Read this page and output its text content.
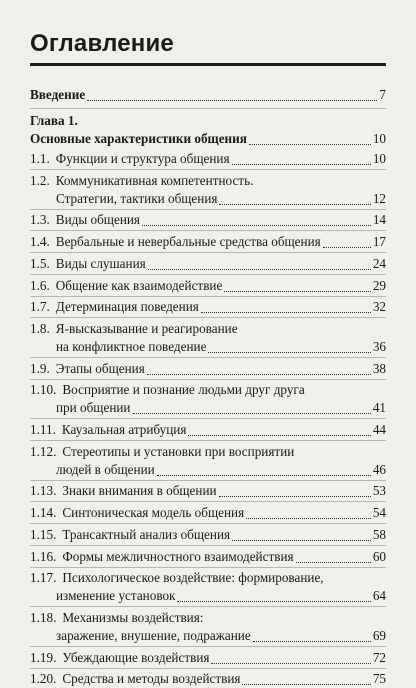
Оглавление
Введение	7
Глава 1.
Основные характеристики общения	10
1.1. Функции и структура общения	10
1.2. Коммуникативная компетентность.
Стратегии, тактики общения	12
1.3. Виды общения	14
1.4. Вербальные и невербальные средства общения	17
1.5. Виды слушания	24
1.6. Общение как взаимодействие	29
1.7. Детерминация поведения	32
1.8. Я-высказывание и реагирование
на конфликтное поведение	36
1.9. Этапы общения	38
1.10. Восприятие и познание людьми друг друга
при общении	41
1.11. Каузальная атрибуция	44
1.12. Стереотипы и установки при восприятии
людей в общении	46
1.13. Знаки внимания в общении	53
1.14. Синтоническая модель общения	54
1.15. Трансактный анализ общения	58
1.16. Формы межличностного взаимодействия	60
1.17. Психологическое воздействие: формирование,
изменение установок	64
1.18. Механизмы воздействия:
заражение, внушение, подражание	69
1.19. Убеждающие воздействия	72
1.20. Средства и методы воздействия	75
